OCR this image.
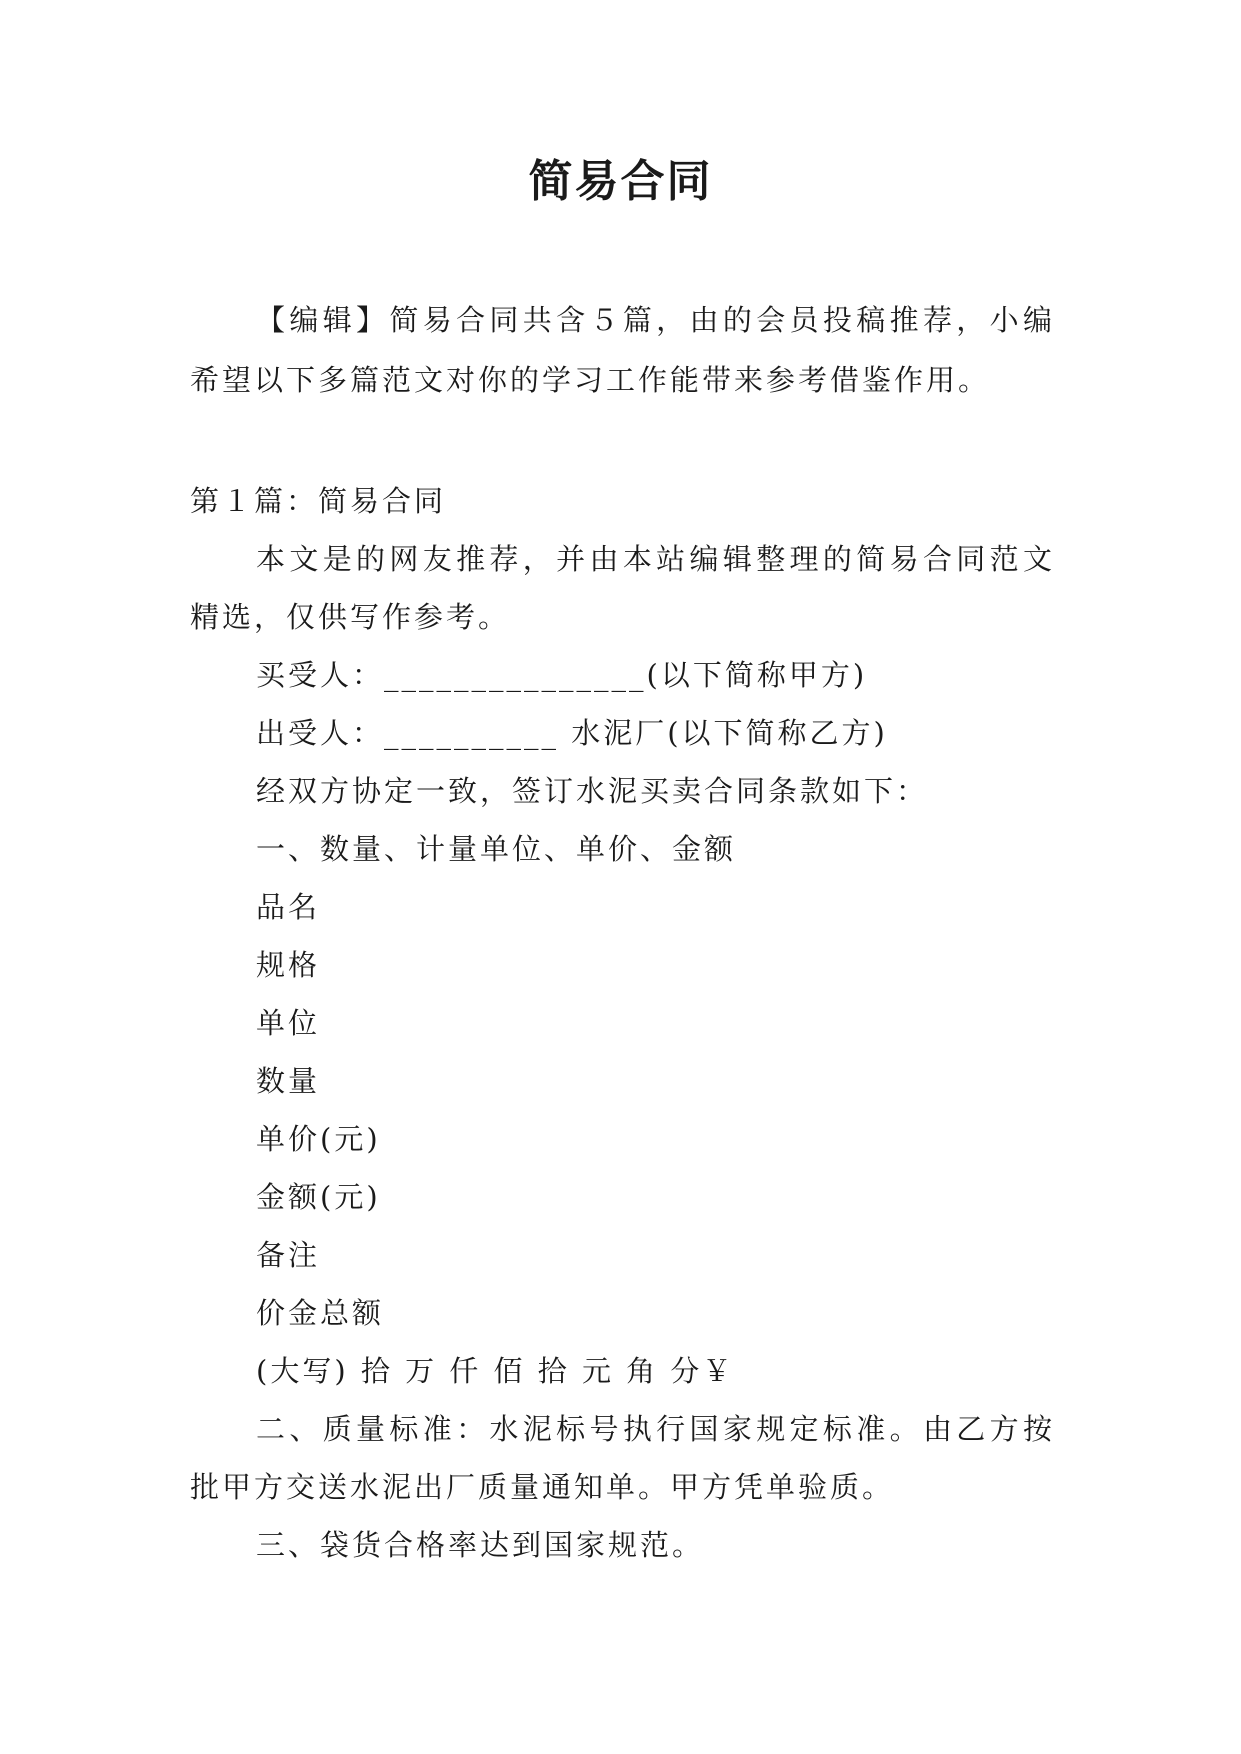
简易合同

【编辑】简易合同共含５篇，由的会员投稿推荐，小编希望以下多篇范文对你的学习工作能带来参考借鉴作用。

第１篇：简易合同

本文是的网友推荐，并由本站编辑整理的简易合同范文精选，仅供写作参考。

买受人：_______________(以下简称甲方)

出受人：__________ 水泥厂(以下简称乙方)

经双方协定一致，签订水泥买卖合同条款如下：

一、数量、计量单位、单价、金额

品名

规格

单位

数量

单价(元)

金额(元)

备注

价金总额

(大写) 拾 万 仟 佰 拾 元 角 分￥

二、质量标准：水泥标号执行国家规定标准。由乙方按批甲方交送水泥出厂质量通知单。甲方凭单验质。

三、袋货合格率达到国家规范。
